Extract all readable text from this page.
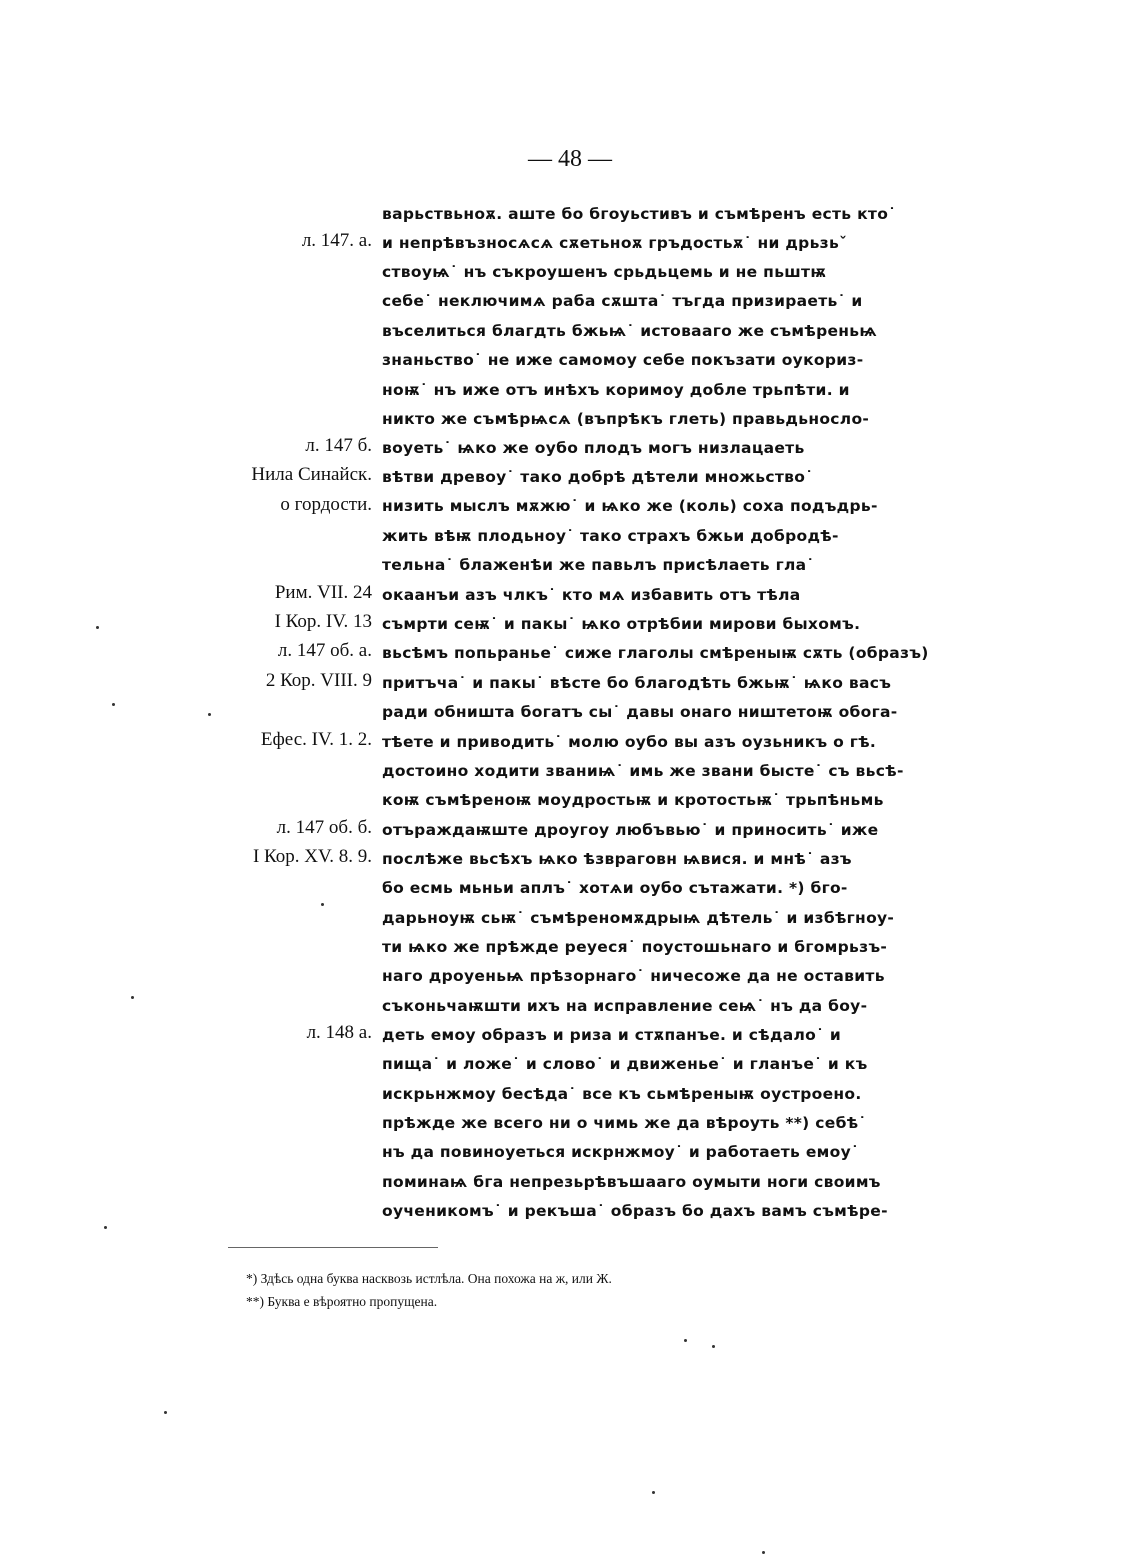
— 48 —
варьствьноѫ. аште бо бгоуьстивъ и съмѣренъ есть кто˙
и непрѣвъзносѧсѧ сѫетьноѫ гръдостьѫ˙ ни дрьзьˇ
ствоуѩ˙ нъ съкроушенъ срьдьцемь и не пьштѭ
себе˙ неключимѧ раба сѫшта˙ тъгда призираеть˙ и
въселиться благдть бжьѩ˙ истоваaго же съмѣреньѩ
знаньство˙ не иже самомоу себе покъзати оукориз-
ноѭ˙ нъ иже отъ инѣхъ коримоу добле трьпѣти. и
никто же съмѣрѩсѧ (въпрѣкъ глеть) правьдьносло-
воуеть˙ ѩко же оубо плодъ могъ низлацаеть
вѣтви древоу˙ тако добрѣ дѣтели множьство˙
низить мыслъ мѫжю˙ и ѩко же (коль) соха подъдрь-
жить вѣѭ плодьноу˙ тако страхъ бжьи добродѣ-
тельна˙ блаженѣи же павьлъ присѣлаеть гла˙
окаанъи азъ члкъ˙ кто мѧ избавить отъ тѣла
съмрти сеѭ˙ и пакы˙ ѩко отрѣбии мирови быхомъ.
вьсѣмъ попьранье˙ сиже глаголы смѣреныѭ сѫть (образъ)
притъча˙ и пакы˙ вѣсте бо благодѣть бжьѭ˙ ѩко васъ
ради обништа богатъ сы˙ давы онаго ништетоѭ обога-
тѣете и приводить˙ молю оубо вы азъ оузьникъ о гѣ.
достоино ходити званиѩ˙ имь же звани бысте˙ съ вьсѣ-
коѭ съмѣреноѭ моудростьѭ и кротостьѭ˙ трьпѣньмь
отъраждаѭште дроугоу любъвью˙ и приносить˙ иже
послѣже вьсѣхъ ѩко ѣзвраговн ѩвися. и мнѣ˙ азъ
бо есмь мьньи аплъ˙ хотѧи оубо сътажати. *) бго-
дарьноуѭ сьѭ˙ съмѣреномѫдрыѩ дѣтель˙ и избѣгноу-
ти ѩко же прѣжде реуеся˙ поустошьнаго и бгомрьзъ-
наго дроуеньѩ прѣзорнаго˙ ничесоже да не оставить
съконьчаѭшти ихъ на исправление сеѩ˙ нъ да боу-
деть емоу образъ и риза и стѫпанъе. и сѣдало˙ и
пища˙ и ложе˙ и слово˙ и движенье˙ и гланъе˙ и къ
искрьнжмоу бесѣда˙ все къ сьмѣреныѭ оустроено.
прѣжде же всего ни о чимь же да вѣроуть **) себѣ˙
нъ да повиноуеться искрнжмоу˙ и работаеть емоу˙
поминаѩ бга непрезьрѣвъшааго оумыти ноги своимъ
оученикомъ˙ и рекъша˙ образъ бо дахъ вамъ съмѣре-
л. 147. а.
л. 147 б.
Нила Синайск.
о гордости.
Рим. VII. 24
I Кор. IV. 13
л. 147 об. а.
2 Кор. VIII. 9
Ефес. IV. 1. 2.
л. 147 об. б.
I Кор. XV. 8. 9.
л. 148 а.
*) Здѣсь одна буква насквозь истлѣла. Она похожа на ж, или Ж.
**) Буква е вѣроятно пропущена.
